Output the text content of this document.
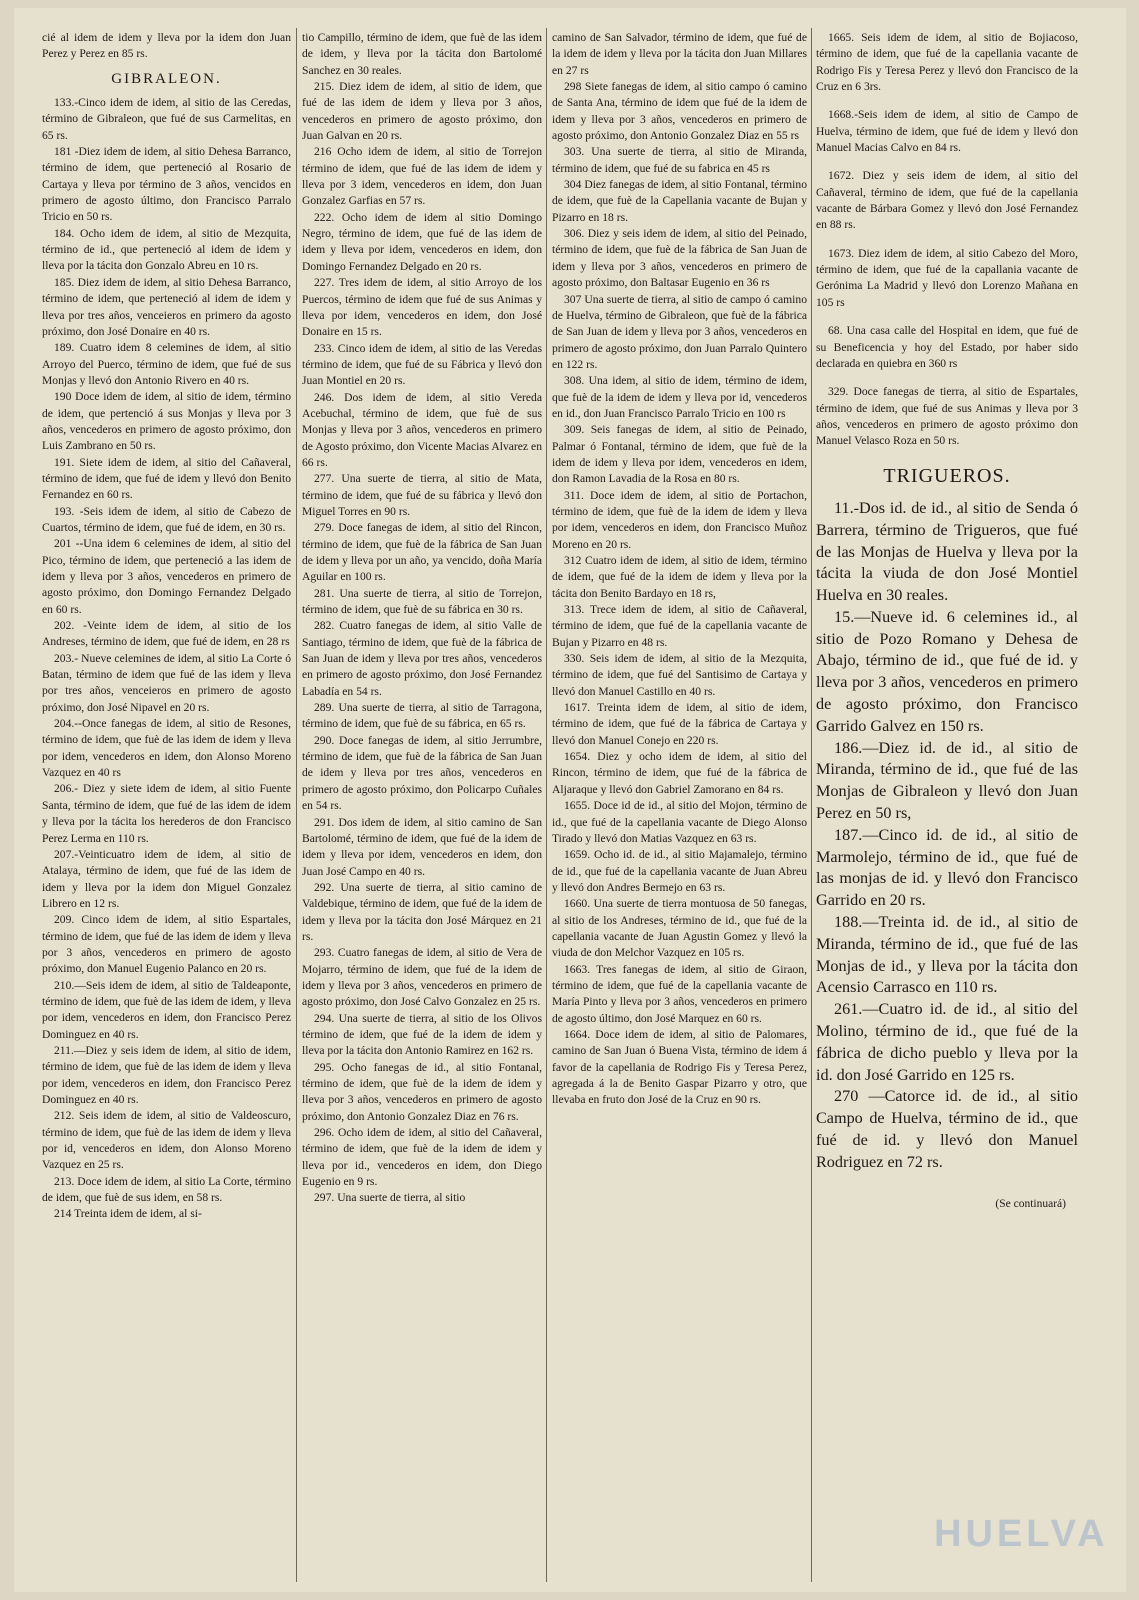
cié al idem de idem y lleva por la idem don Juan Perez y Perez en 85 rs.

GIBRALEON.

133.-Cinco idem de idem, al sitio de las Ceredas, término de Gibraleon, que fué de sus Carmelitas, en 65 rs.

181 -Diez idem de idem, al sitio Dehesa Barranco, término de idem, que perteneció al Rosario de Cartaya y lleva por término de 3 años, vencidos en primero de agosto último, don Francisco Parralo Tricio en 50 rs.

184. Ocho idem de idem, al sitio de Mezquita, término de id., que perteneció al idem de idem y lleva por la tácita don Gonzalo Abreu en 10 rs.

185. Diez idem de idem, al sitio Dehesa Barranco, término de idem, que perteneció al idem de idem y lleva por tres años, venceieros en primero da agosto próximo, don José Donaire en 40 rs.

189. Cuatro idem 8 celemines de idem, al sitio Arroyo del Puerco, término de idem, que fué de sus Monjas y llevó don Antonio Rivero en 40 rs.

190 Doce idem de idem, al sitio de idem, término de idem, que pertenció á sus Monjas y lleva por 3 años, vencederos en primero de agosto próximo, don Luis Zambrano en 50 rs.

191. Siete idem de idem, al sitio del Cañaveral, término de idem, que fué de idem y llevó don Benito Fernandez en 60 rs.

193. -Seis idem de idem, al sitio de Cabezo de Cuartos, término de idem, que fué de idem, en 30 rs.

201 --Una idem 6 celemines de idem, al sitio del Pico, término de idem, que perteneció a las idem de idem y lleva por 3 años, vencederos en primero de agosto próximo, don Domingo Fernandez Delgado en 60 rs.

202. -Veinte idem de idem, al sitio de los Andreses, término de idem, que fué de idem, en 28 rs

203.- Nueve celemines de idem, al sitio La Corte ó Batan, término de idem que fué de las idem y lleva por tres años, venceieros en primero de agosto próximo, don José Nipavel en 20 rs.

204.--Once fanegas de idem, al sitio de Resones, término de idem, que fuè de las idem de idem y lleva por idem, vencederos en idem, don Alonso Moreno Vazquez en 40 rs

206.- Diez y siete idem de idem, al sitio Fuente Santa, término de idem, que fué de las idem de idem y lleva por la tácita los herederos de don Francisco Perez Lerma en 110 rs.

207.-Veinticuatro idem de idem, al sitio de Atalaya, término de idem, que fué de las idem de idem y lleva por la idem don Miguel Gonzalez Librero en 12 rs.

209. Cinco idem de idem, al sitio Espartales, término de idem, que fué de las idem de idem y lleva por 3 años, vencederos en primero de agosto próximo, don Manuel Eugenio Palanco en 20 rs.

210.—Seis idem de idem, al sitio de Taldeaponte, término de idem, que fuè de las idem de idem, y lleva por idem, vencederos en idem, don Francisco Perez Dominguez en 40 rs.

211.—Diez y seis idem de idem, al sitio de idem, término de idem, que fuè de las idem de idem y lleva por idem, vencederos en idem, don Francisco Perez Dominguez en 40 rs.

212. Seis idem de idem, al sitio de Valdeoscuro, término de idem, que fuè de las idem de idem y lleva por id, vencederos en idem, don Alonso Moreno Vazquez en 25 rs.

213. Doce idem de idem, al sitio La Corte, término de idem, que fuè de sus idem, en 58 rs.

214 Treinta idem de idem, al si-

tio Campillo, término de idem, que fuè de las idem de idem, y lleva por la tácita don Bartolomé Sanchez en 30 reales.

215. Diez idem de idem, al sitio de idem, que fué de las idem de idem y lleva por 3 años, vencederos en primero de agosto próximo, don Juan Galvan en 20 rs.

216 Ocho idem de idem, al sitio de Torrejon término de idem, que fué de las idem de idem y lleva por 3 idem, vencederos en idem, don Juan Gonzalez Garfias en 57 rs.

222. Ocho idem de idem al sitio Domingo Negro, término de idem, que fué de las idem de idem y lleva por idem, vencederos en idem, don Domingo Fernandez Delgado en 20 rs.

227. Tres idem de idem, al sitio Arroyo de los Puercos, término de idem que fué de sus Animas y lleva por idem, vencederos en idem, don José Donaire en 15 rs.

233. Cinco idem de idem, al sitio de las Veredas término de idem, que fué de su Fábrica y llevó don Juan Montiel en 20 rs.

246. Dos idem de idem, al sitio Vereda Acebuchal, término de idem, que fuè de sus Monjas y lleva por 3 años, vencederos en primero de Agosto próximo, don Vicente Macias Alvarez en 66 rs.

277. Una suerte de tierra, al sitio de Mata, término de idem, que fué de su fábrica y llevó don Miguel Torres en 90 rs.

279. Doce fanegas de idem, al sitio del Rincon, término de idem, que fuè de la fábrica de San Juan de idem y lleva por un año, ya vencido, doña María Aguilar en 100 rs.

281. Una suerte de tierra, al sitio de Torrejon, término de idem, que fuè de su fábrica en 30 rs.

282. Cuatro fanegas de idem, al sitio Valle de Santiago, término de idem, que fuè de la fábrica de San Juan de idem y lleva por tres años, vencederos en primero de agosto próximo, don José Fernandez Labadía en 54 rs.

289. Una suerte de tierra, al sitio de Tarragona, término de idem, que fuè de su fábrica, en 65 rs.

290. Doce fanegas de idem, al sitio Jerrumbre, término de idem, que fuè de la fábrica de San Juan de idem y lleva por tres años, vencederos en primero de agosto próximo, don Policarpo Cuñales en 54 rs.

291. Dos idem de idem, al sitio camino de San Bartolomé, término de idem, que fué de la idem de idem y lleva por idem, vencederos en idem, don Juan José Campo en 40 rs.

292. Una suerte de tierra, al sitio camino de Valdebique, término de idem, que fué de la idem de idem y lleva por la tácita don José Márquez en 21 rs.

293. Cuatro fanegas de idem, al sitio de Vera de Mojarro, término de idem, que fué de la idem de idem y lleva por 3 años, vencederos en primero de agosto próximo, don José Calvo Gonzalez en 25 rs.

294. Una suerte de tierra, al sitio de los Olivos término de idem, que fué de la idem de idem y lleva por la tácita don Antonio Ramirez en 162 rs.

295. Ocho fanegas de id., al sitio Fontanal, término de idem, que fuè de la idem de idem y lleva por 3 años, vencederos en primero de agosto próximo, don Antonio Gonzalez Diaz en 76 rs.

296. Ocho idem de idem, al sitio del Cañaveral, término de idem, que fuè de la idem de idem y lleva por id., vencederos en idem, don Diego Eugenio en 9 rs.

297. Una suerte de tierra, al sitio

camino de San Salvador, término de idem, que fué de la idem de idem y lleva por la tácita don Juan Millares en 27 rs

298 Siete fanegas de idem, al sitio campo ó camino de Santa Ana, término de idem que fué de la idem de idem y lleva por 3 años, vencederos en primero de agosto próximo, don Antonio Gonzalez Diaz en 55 rs

303. Una suerte de tierra, al sitio de Miranda, término de idem, que fué de su fabrica en 45 rs

304 Diez fanegas de idem, al sitio Fontanal, término de idem, que fuè de la Capellania vacante de Bujan y Pizarro en 18 rs.

306. Diez y seis idem de idem, al sitio del Peinado, término de idem, que fuè de la fábrica de San Juan de idem y lleva por 3 años, vencederos en primero de agosto próximo, don Baltasar Eugenio en 36 rs

307 Una suerte de tierra, al sitio de campo ó camino de Huelva, término de Gibraleon, que fuè de la fábrica de San Juan de idem y lleva por 3 años, vencederos en primero de agosto próximo, don Juan Parralo Quintero en 122 rs.

308. Una idem, al sitio de idem, término de idem, que fuè de la idem de idem y lleva por id, vencederos en id., don Juan Francisco Parralo Tricio en 100 rs

309. Seis fanegas de idem, al sitio de Peinado, Palmar ó Fontanal, término de idem, que fuè de la idem de idem y lleva por idem, vencederos en idem, don Ramon Lavadia de la Rosa en 80 rs.

311. Doce idem de idem, al sitio de Portachon, término de idem, que fuè de la idem de idem y lleva por idem, vencederos en idem, don Francisco Muñoz Moreno en 20 rs.

312 Cuatro idem de idem, al sitio de idem, término de idem, que fué de la idem de idem y lleva por la tácita don Benito Bardayo en 18 rs,

313. Trece idem de idem, al sitio de Cañaveral, término de idem, que fué de la capellania vacante de Bujan y Pizarro en 48 rs.

330. Seis idem de idem, al sitio de la Mezquita, término de idem, que fué del Santisimo de Cartaya y llevó don Manuel Castillo en 40 rs.

1617. Treinta idem de idem, al sitio de idem, término de idem, que fué de la fábrica de Cartaya y llevó don Manuel Conejo en 220 rs.

1654. Diez y ocho idem de idem, al sitio del Rincon, término de idem, que fué de la fábrica de Aljaraque y llevó don Gabriel Zamorano en 84 rs.

1655. Doce id de id., al sitio del Mojon, término de id., que fué de la capellania vacante de Diego Alonso Tirado y llevó don Matias Vazquez en 63 rs.

1659. Ocho id. de id., al sitio Majamalejo, término de id., que fué de la capellania vacante de Juan Abreu y llevó don Andres Bermejo en 63 rs.

1660. Una suerte de tierra montuosa de 50 fanegas, al sitio de los Andreses, término de id., que fué de la capellania vacante de Juan Agustin Gomez y llevó la viuda de don Melchor Vazquez en 105 rs.

1663. Tres fanegas de idem, al sitio de Giraon, término de idem, que fué de la capellania vacante de María Pinto y lleva por 3 años, vencederos en primero de agosto último, don José Marquez en 60 rs.

1664. Doce idem de idem, al sitio de Palomares, camino de San Juan ó Buena Vista, término de idem á favor de la capellania de Rodrigo Fis y Teresa Perez, agregada á la de Benito Gaspar Pizarro y otro, que llevaba en fruto don José de la Cruz en 90 rs.

1665. Seis idem de idem, al sitio de Bojiacoso, término de idem, que fué de la capellania vacante de Rodrigo Fis y Teresa Perez y llevó don Francisco de la Cruz en 6 3rs.

1668.-Seis idem de idem, al sitio de Campo de Huelva, término de idem, que fué de idem y llevó don Manuel Macias Calvo en 84 rs.

1672. Diez y seis idem de idem, al sitio del Cañaveral, término de idem, que fué de la capellania vacante de Bárbara Gomez y llevó don José Fernandez en 88 rs.

1673. Diez idem de idem, al sitio Cabezo del Moro, término de idem, que fué de la capallania vacante de Gerónima La Madrid y llevó don Lorenzo Mañana en 105 rs

68. Una casa calle del Hospital en idem, que fué de su Beneficencia y hoy del Estado, por haber sido declarada en quiebra en 360 rs

329. Doce fanegas de tierra, al sitio de Espartales, término de idem, que fué de sus Animas y lleva por 3 años, vencederos en primero de agosto próximo don Manuel Velasco Roza en 50 rs.

TRIGUEROS.

11.-Dos id. de id., al sitio de Senda ó Barrera, término de Trigueros, que fué de las Monjas de Huelva y lleva por la tácita la viuda de don José Montiel Huelva en 30 reales.

15.—Nueve id. 6 celemines id., al sitio de Pozo Romano y Dehesa de Abajo, término de id., que fué de id. y lleva por 3 años, vencederos en primero de agosto próximo, don Francisco Garrido Galvez en 150 rs.

186.—Diez id. de id., al sitio de Miranda, término de id., que fué de las Monjas de Gibraleon y llevó don Juan Perez en 50 rs,

187.—Cinco id. de id., al sitio de Marmolejo, término de id., que fué de las monjas de id. y llevó don Francisco Garrido en 20 rs.

188.—Treinta id. de id., al sitio de Miranda, término de id., que fué de las Monjas de id., y lleva por la tácita don Acensio Carrasco en 110 rs.

261.—Cuatro id. de id., al sitio del Molino, término de id., que fué de la fábrica de dicho pueblo y lleva por la id. don José Garrido en 125 rs.

270 —Catorce id. de id., al sitio Campo de Huelva, término de id., que fué de id. y llevó don Manuel Rodriguez en 72 rs.

(Se continuará)
HUELVA
